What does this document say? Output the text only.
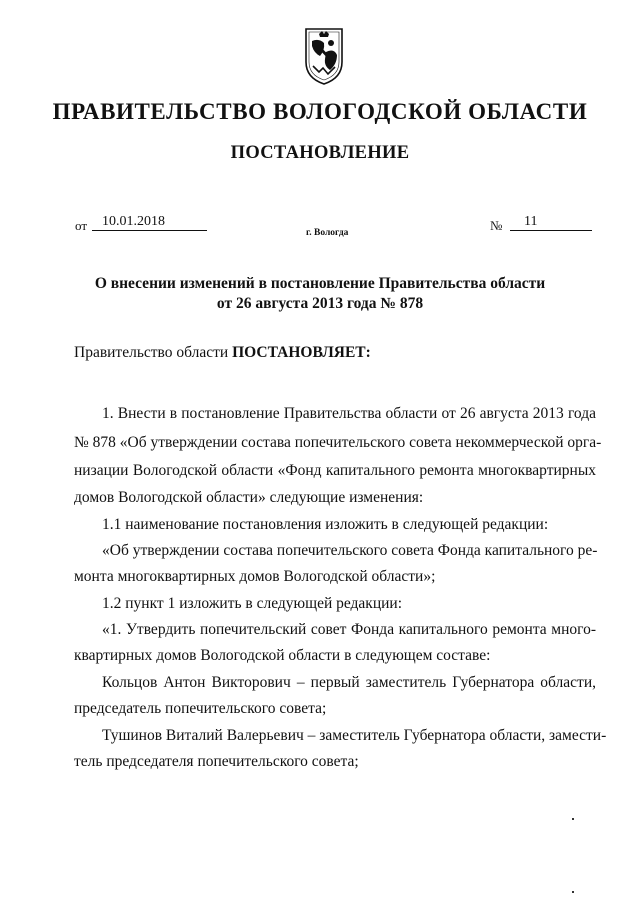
ПРАВИТЕЛЬСТВО ВОЛОГОДСКОЙ ОБЛАСТИ
ПОСТАНОВЛЕНИЕ
от	10.01.2018	№	11
г. Вологда
О внесении изменений в постановление Правительства области
от 26 августа 2013 года № 878
Правительство области ПОСТАНОВЛЯЕТ:
1. Внести в постановление Правительства области от 26 августа 2013 года
№ 878 «Об утверждении состава попечительского совета некоммерческой орга-
низации Вологодской области «Фонд капитального ремонта многоквартирных
домов Вологодской области» следующие изменения:
1.1 наименование постановления изложить в следующей редакции:
«Об утверждении состава попечительского совета Фонда капитального ре-
монта многоквартирных домов Вологодской области»;
1.2 пункт 1 изложить в следующей редакции:
«1. Утвердить попечительский совет Фонда капитального ремонта много-
квартирных домов Вологодской области в следующем составе:
Кольцов Антон Викторович – первый заместитель Губернатора области,
председатель попечительского совета;
Тушинов Виталий Валерьевич – заместитель Губернатора области, замести-
тель председателя попечительского совета;
